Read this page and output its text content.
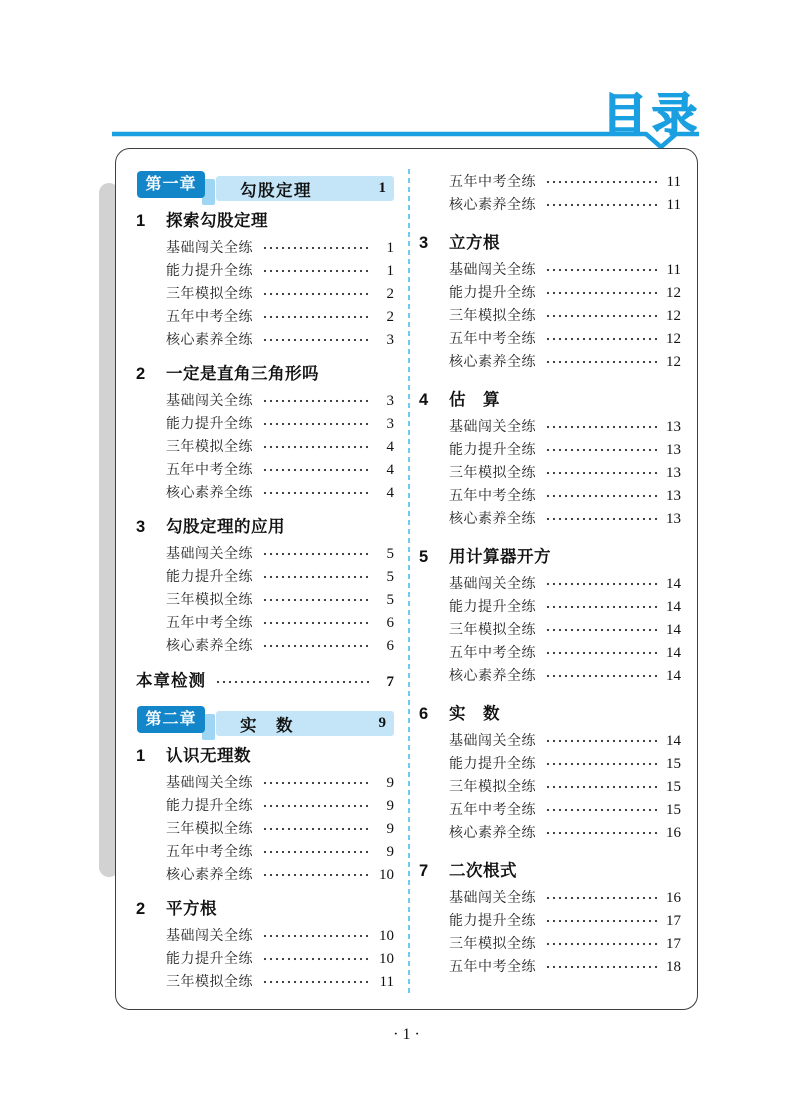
目录
勾股定理	1
第一章
1	探索勾股定理
基础闯关全练	1
能力提升全练	1
三年模拟全练	2
五年中考全练	2
核心素养全练	3
2	一定是直角三角形吗
基础闯关全练	3
能力提升全练	3
三年模拟全练	4
五年中考全练	4
核心素养全练	4
3	勾股定理的应用
基础闯关全练	5
能力提升全练	5
三年模拟全练	5
五年中考全练	6
核心素养全练	6
本章检测	7
实　数	9
第二章
1	认识无理数
基础闯关全练	9
能力提升全练	9
三年模拟全练	9
五年中考全练	9
核心素养全练	10
2	平方根
基础闯关全练	10
能力提升全练	10
三年模拟全练	11
五年中考全练	11
核心素养全练	11
3	立方根
基础闯关全练	11
能力提升全练	12
三年模拟全练	12
五年中考全练	12
核心素养全练	12
4	估　算
基础闯关全练	13
能力提升全练	13
三年模拟全练	13
五年中考全练	13
核心素养全练	13
5	用计算器开方
基础闯关全练	14
能力提升全练	14
三年模拟全练	14
五年中考全练	14
核心素养全练	14
6	实　数
基础闯关全练	14
能力提升全练	15
三年模拟全练	15
五年中考全练	15
核心素养全练	16
7	二次根式
基础闯关全练	16
能力提升全练	17
三年模拟全练	17
五年中考全练	18
· 1 ·
